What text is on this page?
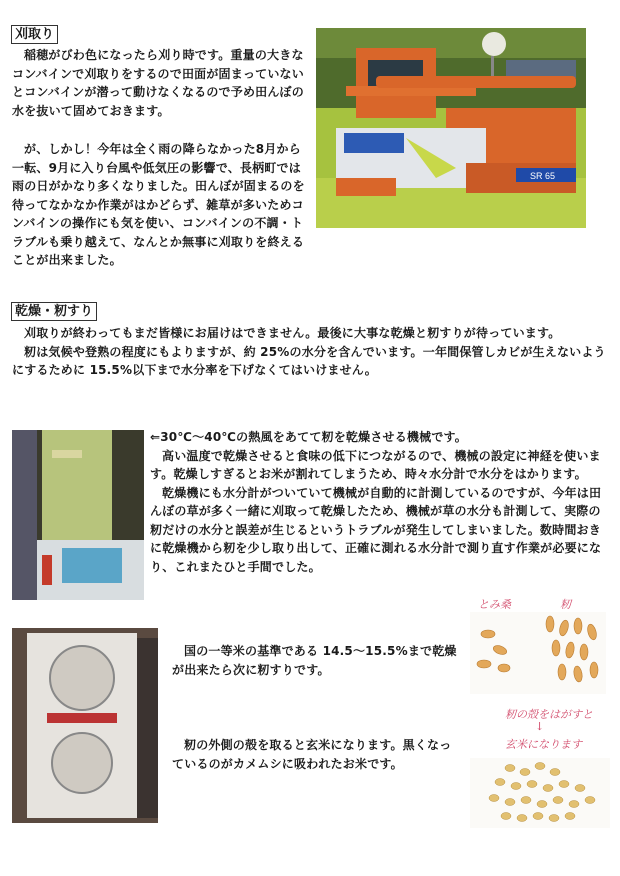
刈取り
SR 65

稲穂がびわ色になったら刈り時です。重量の大きなコンバインで刈取りをするので田面が固まっていないとコンバインが潜って動けなくなるので予め田んぼの水を抜いて固めておきます。

が、しかし！今年は全く雨の降らなかった8月から一転、9月に入り台風や低気圧の影響で、長柄町では雨の日がかなり多くなりました。田んぼが固まるのを待ってなかなか作業がはかどらず、雑草が多いためコンバインの操作にも気を使い、コンバインの不調・トラブルも乗り越えて、なんとか無事に刈取りを終えることが出来ました。

乾燥・籾すり

刈取りが終わってもまだ皆様にお届けはできません。最後に大事な乾燥と籾すりが待っています。

籾は気候や登熟の程度にもよりますが、約 25%の水分を含んでいます。一年間保管しカビが生えないようにするために 15.5%以下まで水分率を下げなくてはいけません。

⇐30℃～40℃の熱風をあてて籾を乾燥させる機械です。

高い温度で乾燥させると食味の低下につながるので、機械の設定に神経を使います。乾燥しすぎるとお米が割れてしまうため、時々水分計で水分をはかります。

乾燥機にも水分計がついていて機械が自動的に計測しているのですが、今年は田んぼの草が多く一緒に刈取って乾燥したため、機械が草の水分も計測して、実際の籾だけの水分と誤差が生じるというトラブルが発生してしまいました。数時間おきに乾燥機から籾を少し取り出して、正確に測れる水分計で測り直す作業が必要になり、これまたひと手間でした。

国の一等米の基準である 14.5～15.5%まで乾燥が出来たら次に籾すりです。

籾の外側の殻を取ると玄米になります。黒くなっているのがカメムシに吸われたお米です。

とみ桑	籾
籾の殻をはがすと
↓
玄米になります
